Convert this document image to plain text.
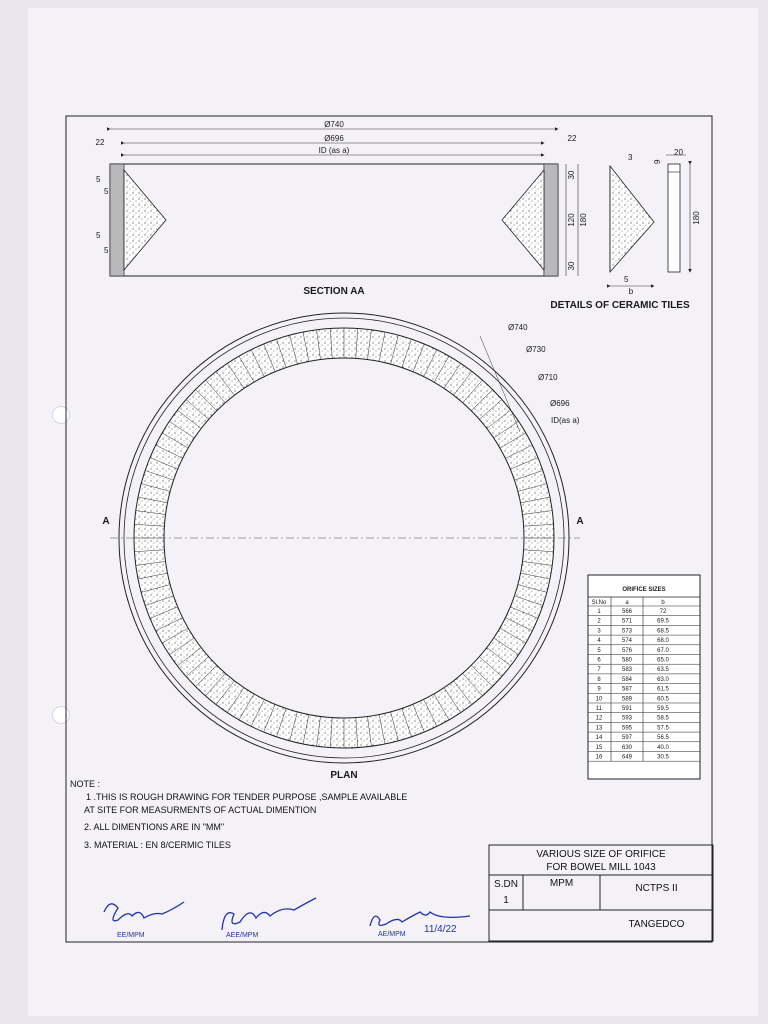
Ø740
Ø696
ID (as a)
22	22
5
5
5
5
30
120 180
30
SECTION AA
3
5
b
20
9
180
DETAILS OF CERAMIC TILES
A	A
Ø740
Ø730
Ø710
Ø696
ID(as a)
PLAN
ORIFICE SIZES
Sl.No	a	b
1	566	72
2	571	69.5
3	573	68.5
4	574	68.0
5	576	67.0
6	580	65.0
7	583	63.5
8	584	63.0
9	587	61.5
10	589	60.5
11	591	59.5
12	593	58.5
13	595	57.5
14	597	56.5
15	630	40.0
16	649	30.5
NOTE :
1 .THIS IS ROUGH DRAWING FOR TENDER PURPOSE ,SAMPLE AVAILABLE
AT SITE FOR MEASURMENTS OF ACTUAL DIMENTION
2. ALL DIMENTIONS ARE IN "MM"
3. MATERIAL : EN 8/CERMIC TILES
VARIOUS SIZE OF ORIFICE
FOR BOWEL MILL 1043
S.DN
1
MPM	NCTPS II
TANGEDCO
EE/MPM	AEE/MPM	AE/MPM 11/4/22
